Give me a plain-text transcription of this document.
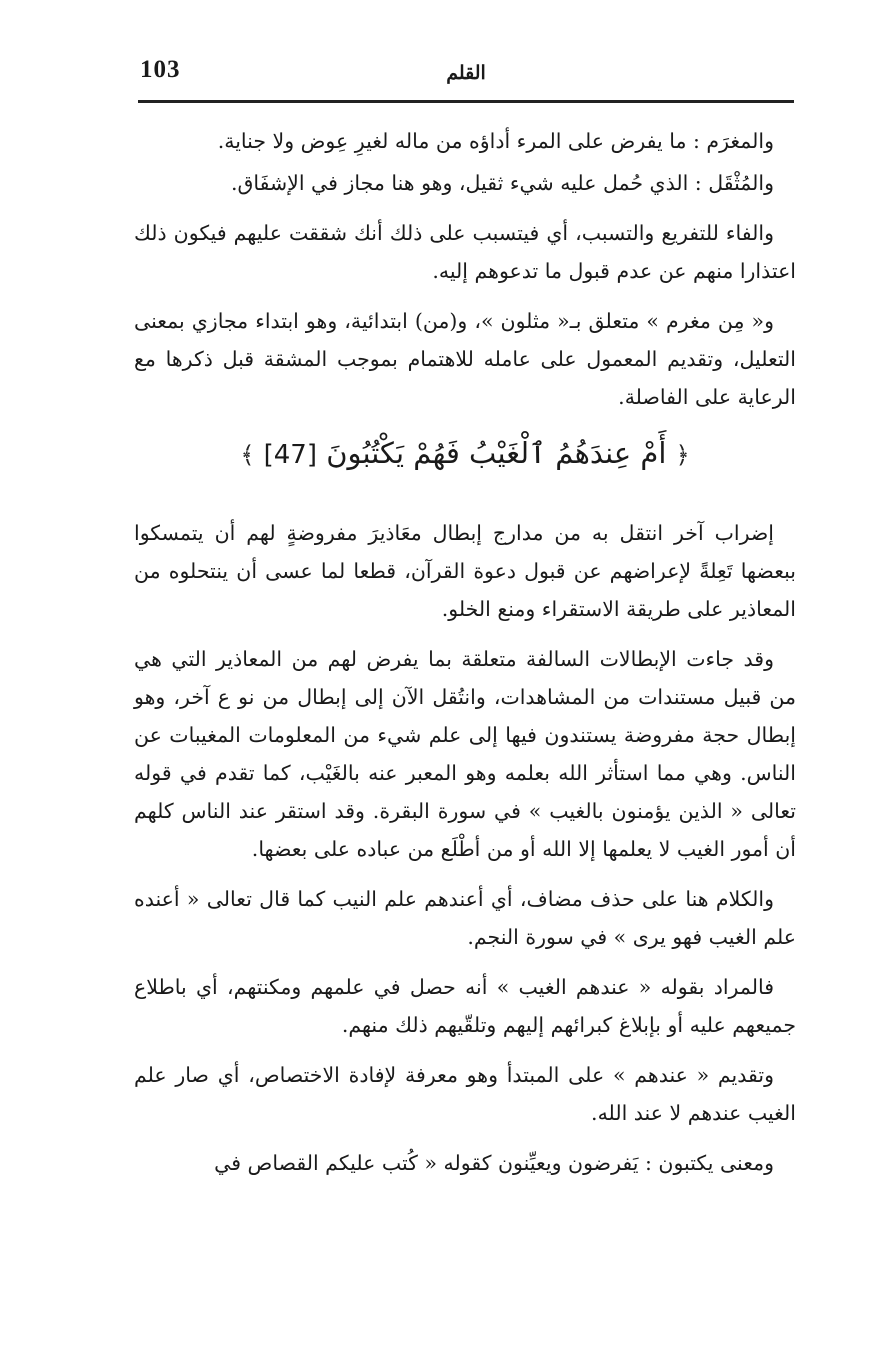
103	القلم

والمغرَم : ما يفرض على المرء أداؤه من ماله لغيرِ عِوض ولا جناية.

والمُثْقَل : الذي حُمل عليه شيء ثقيل، وهو هنا مجاز في الإشفَاق.

والفاء للتفريع والتسبب، أي فيتسبب على ذلك أنك شققت عليهم فيكون ذلك اعتذارا منهم عن عدم قبول ما تدعوهم إليه.

و« مِن مغرم » متعلق بـ« مثلون »، و(من) ابتدائية، وهو ابتداء مجازي بمعنى التعليل، وتقديم المعمول على عامله للاهتمام بموجب المشقة قبل ذكرها مع الرعاية على الفاصلة.

﴿ أَمْ عِندَهُمُ ٱلْغَيْبُ فَهُمْ يَكْتُبُونَ [47] ﴾

إضراب آخر انتقل به من مدارج إبطال معَاذيرَ مفروضةٍ لهم أن يتمسكوا ببعضها تَعِلةً لإعراضهم عن قبول دعوة القرآن، قطعا لما عسى أن ينتحلوه من المعاذير على طريقة الاستقراء ومنع الخلو.

وقد جاءت الإبطالات السالفة متعلقة بما يفرض لهم من المعاذير التي هي من قبيل مستندات من المشاهدات، وانتُقل الآن إلى إبطال من نو ع آخر، وهو إبطال حجة مفروضة يستندون فيها إلى علم شيء من المعلومات المغيبات عن الناس. وهي مما استأثر الله بعلمه وهو المعبر عنه بالغَيْب، كما تقدم في قوله تعالى « الذين يؤمنون بالغيب » في سورة البقرة. وقد استقر عند الناس كلهم أن أمور الغيب لا يعلمها إلا الله أو من أطْلَع من عباده على بعضها.

والكلام هنا على حذف مضاف، أي أعندهم علم النيب كما قال تعالى « أعنده علم الغيب فهو يرى » في سورة النجم.

فالمراد بقوله « عندهم الغيب » أنه حصل في علمهم ومكنتهم، أي باطلاع جميعهم عليه أو بإبلاغ كبرائهم إليهم وتلقّيهم ذلك منهم.

وتقديم « عندهم » على المبتدأ وهو معرفة لإفادة الاختصاص، أي صار علم الغيب عندهم لا عند الله.

ومعنى يكتبون : يَفرضون ويعيِّنون كقوله « كُتب عليكم القصاص في
